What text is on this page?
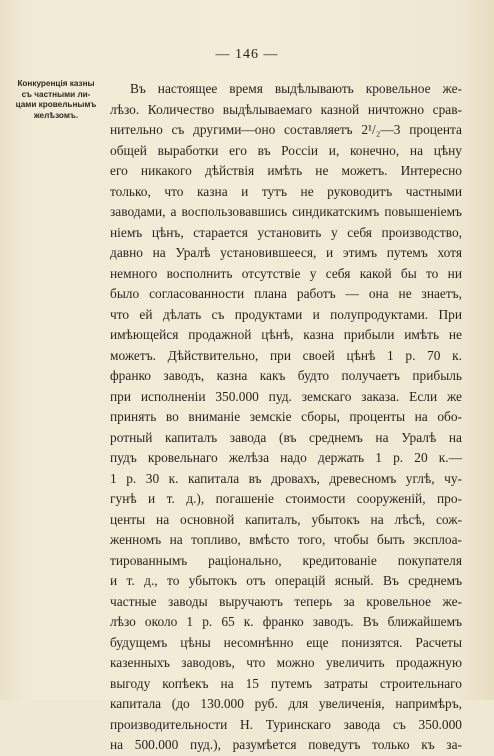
— 146 —
Конкуренція казны
съ частными ли-
цами кровельнымъ
желѣзомъ.
Въ настоящее время выдѣлывають кровельное же-
лѣзо. Количество выдѣлываемаго казной ничтожно срав-
нительно съ другими—оно составляетъ 2¹/₂—3 процента
общей выработки его въ Россіи и, конечно, на цѣну
его никакого дѣйствія имѣть не можетъ. Интересно
только, что казна и тутъ не руководитъ частными
заводами, а воспользовавшись синдикатскимъ повышеніемъ
ніемъ цѣнъ, старается установить у себя производство,
давно на Уралѣ установившееся, и этимъ путемъ хотя
немного восполнить отсутствіе у себя какой бы то ни
было согласованности плана работъ — она не знаетъ,
что ей дѣлать съ продуктами и полупродуктами. При
имѣющейся продажной цѣнѣ, казна прибыли имѣть не
можетъ. Дѣйствительно, при своей цѣнѣ 1 р. 70 к.
франко заводъ, казна какъ будто получаетъ прибыль
при исполненіи 350.000 пуд. земскаго заказа. Если же
принять во вниманіе земскіе сборы, проценты на обо-
ротный капиталъ завода (въ среднемъ на Уралѣ на
пудъ кровельнаго желѣза надо держать 1 р. 20 к.—
1 р. 30 к. капитала въ дровахъ, древесномъ углѣ, чу-
гунѣ и т. д.), погашеніе стоимости сооруженій, про-
центы на основной капиталъ, убытокъ на лѣсѣ, сож-
женномъ на топливо, вмѣсто того, чтобы быть эксплоа-
тированнымъ раціонально, кредитованіе покупателя
и т. д., то убытокъ отъ операцій ясный. Въ среднемъ
частные заводы выручаютъ теперь за кровельное же-
лѣзо около 1 р. 65 к. франко заводъ. Въ ближайшемъ
будущемъ цѣны несомнѣнно еще понизятся. Расчеты
казенныхъ заводовъ, что можно увеличить продажную
выгоду копѣекъ на 15 путемъ затраты строительнаго
капитала (до 130.000 руб. для увеличенія, напримѣръ,
производительности Н. Туринскаго завода съ 350.000
на 500.000 пуд.), разумѣется поведутъ только къ за-
